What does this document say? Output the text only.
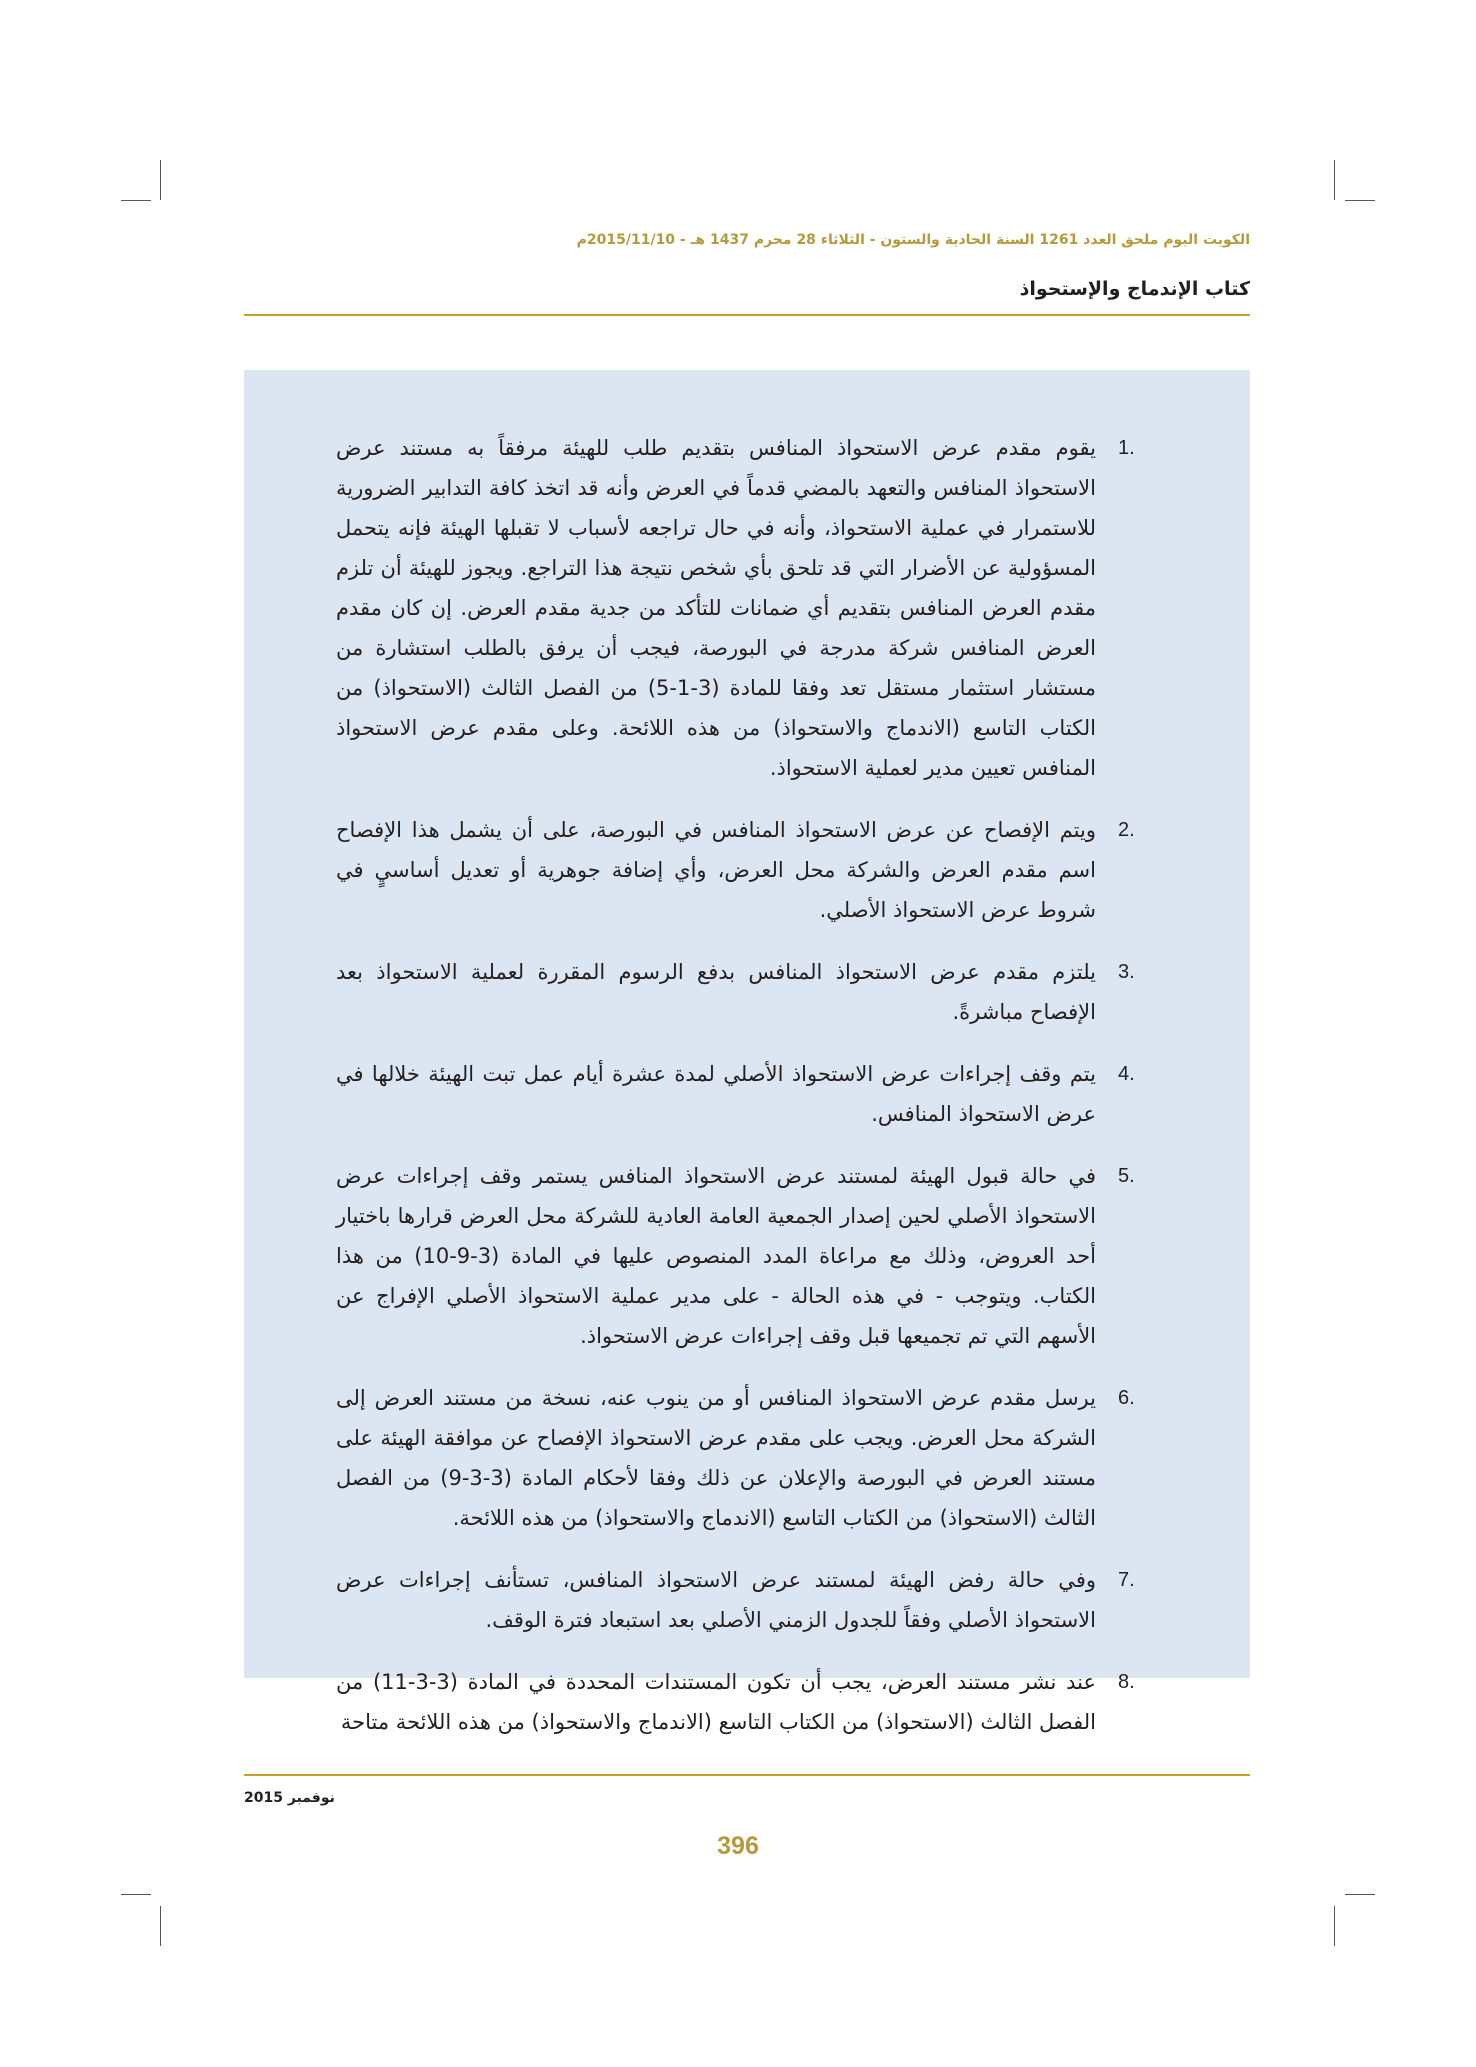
الكويت اليوم ملحق العدد 1261 السنة الحادية والستون - الثلاثاء 28 محرم 1437 هـ - 2015/11/10م
كتاب الإندماج والإستحواذ
1.
يقوم مقدم عرض الاستحواذ المنافس بتقديم طلب للهيئة مرفقاً به مستند عرض الاستحواذ المنافس والتعهد بالمضي قدماً في العرض وأنه قد اتخذ كافة التدابير الضرورية للاستمرار في عملية الاستحواذ، وأنه في حال تراجعه لأسباب لا تقبلها الهيئة فإنه يتحمل المسؤولية عن الأضرار التي قد تلحق بأي شخص نتيجة هذا التراجع. ويجوز للهيئة أن تلزم مقدم العرض المنافس بتقديم أي ضمانات للتأكد من جدية مقدم العرض. إن كان مقدم العرض المنافس شركة مدرجة في البورصة، فيجب أن يرفق بالطلب استشارة من مستشار استثمار مستقل تعد وفقا للمادة (3-1-5) من الفصل الثالث (الاستحواذ) من الكتاب التاسع (الاندماج والاستحواذ) من هذه اللائحة. وعلى مقدم عرض الاستحواذ المنافس تعيين مدير لعملية الاستحواذ.
2.
ويتم الإفصاح عن عرض الاستحواذ المنافس في البورصة، على أن يشمل هذا الإفصاح اسم مقدم العرض والشركة محل العرض، وأي إضافة جوهرية أو تعديل أساسيٍ في شروط عرض الاستحواذ الأصلي.
3.
يلتزم مقدم عرض الاستحواذ المنافس بدفع الرسوم المقررة لعملية الاستحواذ بعد الإفصاح مباشرةً.
4.
يتم وقف إجراءات عرض الاستحواذ الأصلي لمدة عشرة أيام عمل تبت الهيئة خلالها في عرض الاستحواذ المنافس.
5.
في حالة قبول الهيئة لمستند عرض الاستحواذ المنافس يستمر وقف إجراءات عرض الاستحواذ الأصلي لحين إصدار الجمعية العامة العادية للشركة محل العرض قرارها باختيار أحد العروض، وذلك مع مراعاة المدد المنصوص عليها في المادة (3-9-10) من هذا الكتاب. ويتوجب - في هذه الحالة - على مدير عملية الاستحواذ الأصلي الإفراج عن الأسهم التي تم تجميعها قبل وقف إجراءات عرض الاستحواذ.
6.
يرسل مقدم عرض الاستحواذ المنافس أو من ينوب عنه، نسخة من مستند العرض إلى الشركة محل العرض. ويجب على مقدم عرض الاستحواذ الإفصاح عن موافقة الهيئة على مستند العرض في البورصة والإعلان عن ذلك وفقا لأحكام المادة (3-3-9) من الفصل الثالث (الاستحواذ) من الكتاب التاسع (الاندماج والاستحواذ) من هذه اللائحة.
7.
وفي حالة رفض الهيئة لمستند عرض الاستحواذ المنافس، تستأنف إجراءات عرض الاستحواذ الأصلي وفقاً للجدول الزمني الأصلي بعد استبعاد فترة الوقف.
8.
عند نشر مستند العرض، يجب أن تكون المستندات المحددة في المادة (3-3-11) من الفصل الثالث (الاستحواذ) من الكتاب التاسع (الاندماج والاستحواذ) من هذه اللائحة متاحة
نوفمبر 2015
396
